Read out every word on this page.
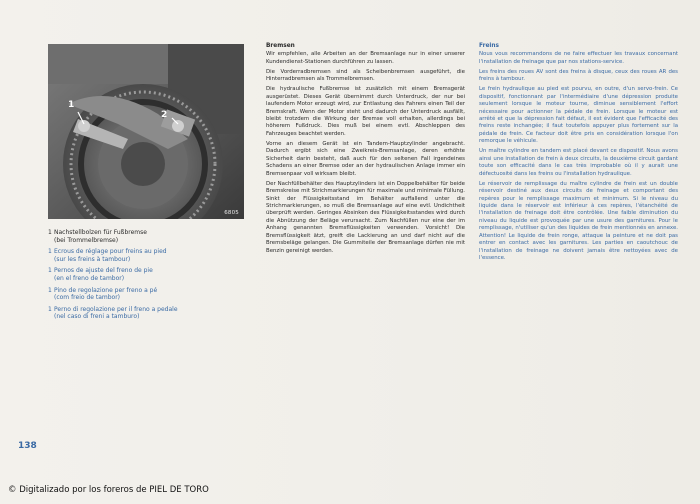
1
2
6805
1 Nachstellbolzen für Fußbremse
(bei Trommelbremse)
1 Ecrous de réglage pour freins au pied
(sur les freins à tambour)
1 Pernos de ajuste del freno de pie
(en el freno de tambor)
1 Pino de regolazione per freno a pé
(com freio de tambor)
1 Perno di regolazione per il freno a pedale
(nel caso di freni a tamburo)
Bremsen

Wir empfehlen, alle Arbeiten an der Bremsanlage nur in einer unserer Kundendienst-Stationen durchführen zu lassen.

Die Vorderradbremsen sind als Scheibenbremsen ausgeführt, die Hinterradbremsen als Trommelbremsen.

Die hydraulische Fußbremse ist zusätzlich mit einem Bremsgerät ausgerüstet. Dieses Gerät übernimmt durch Unterdruck, der nur bei laufendem Motor erzeugt wird, zur Entlastung des Fahrers einen Teil der Bremskraft. Wenn der Motor steht und dadurch der Unterdruck ausfällt, bleibt trotzdem die Wirkung der Bremse voll erhalten, allerdings bei höherem Fußdruck. Dies muß bei einem evtl. Abschleppen des Fahrzeuges beachtet werden.

Vorne an diesem Gerät ist ein Tandem-Hauptzylinder angebracht. Dadurch ergibt sich eine Zweikreis-Bremsanlage, deren erhöhte Sicherheit darin besteht, daß auch für den seltenen Fall irgendeines Schadens an einer Bremse oder an der hydraulischen Anlage immer ein Bremsenpaar voll wirksam bleibt.

Der Nachfüllbehälter des Hauptzylinders ist ein Doppelbehälter für beide Bremskreise mit Strichmarkierungen für maximale und minimale Füllung. Sinkt der Flüssigkeitsstand im Behälter auffallend unter die Strichmarkierungen, so muß die Bremsanlage auf eine evtl. Undichtheit überprüft werden. Geringes Absinken des Flüssigkeitsstandes wird durch die Abnützung der Beläge verursacht. Zum Nachfüllen nur eine der im Anhang genannten Bremsflüssigkeiten verwenden. Vorsicht! Die Bremsflüssigkeit ätzt, greift die Lackierung an und darf nicht auf die Bremsbeläge gelangen. Die Gummiteile der Bremsanlage dürfen nie mit Benzin gereinigt werden.

Freins

Nous vous recommandons de ne faire effectuer les travaux concernant l'installation de freinage que par nos stations-service.

Les freins des roues AV sont des freins à disque, ceux des roues AR des freins à tambour.

Le frein hydraulique au pied est pourvu, en outre, d'un servo-frein. Ce dispositif, fonctionnant par l'intermédiaire d'une dépression produite seulement lorsque le moteur tourne, diminue sensiblement l'effort nécessaire pour actionner la pédale de frein. Lorsque le moteur est arrêté et que la dépression fait défaut, il est évident que l'efficacité des freins reste inchangée; il faut toutefois appuyer plus fortement sur la pédale de frein. Ce facteur doit être pris en considération lorsque l'on remorque le véhicule.

Un maître cylindre en tandem est placé devant ce dispositif. Nous avons ainsi une installation de frein à deux circuits, la deuxième circuit gardant toute son efficacité dans le cas très improbable où il y aurait une défectuosité dans les freins ou l'installation hydraulique.

Le réservoir de remplissage du maître cylindre de frein est un double réservoir destiné aux deux circuits de freinage et comportant des repères pour le remplissage maximum et minimum. Si le niveau du liquide dans le réservoir est inférieur à ces repères, l'étanchéité de l'installation de freinage doit être contrôlée. Une faible diminution du niveau du liquide est provoquée par une usure des garnitures. Pour le remplissage, n'utiliser qu'un des liquides de frein mentionnés en annexe. Attention! Le liquide de frein ronge, attaque la peinture et ne doit pas entrer en contact avec les garnitures. Les parties en caoutchouc de l'installation de freinage ne doivent jamais être nettoyées avec de l'essence.

138
© Digitalizado por los foreros de PIEL DE TORO
